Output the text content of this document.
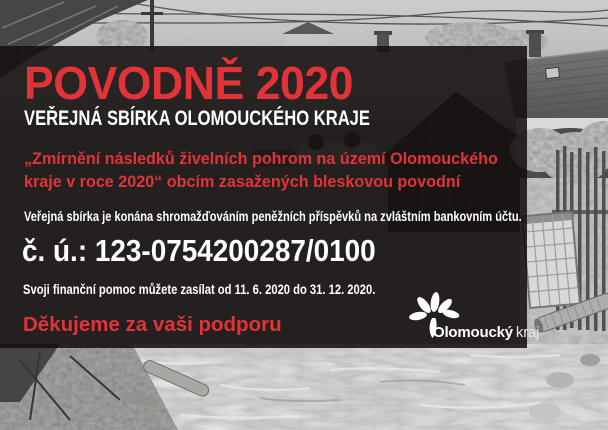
POVODNĚ 2020
VEŘEJNÁ SBÍRKA OLOMOUCKÉHO KRAJE
„Zmírnění následků živelních pohrom na území Olomouckého
kraje v roce 2020“ obcím zasažených bleskovou povodní
Veřejná sbírka je konána shromažďováním peněžních příspěvků na zvláštním bankovním účtu.
č. ú.: 123-0754200287/0100
Svoji finanční pomoc můžete zasílat od 11. 6. 2020 do 31. 12. 2020.
Děkujeme za vaši podporu	Olomoucký kraj
